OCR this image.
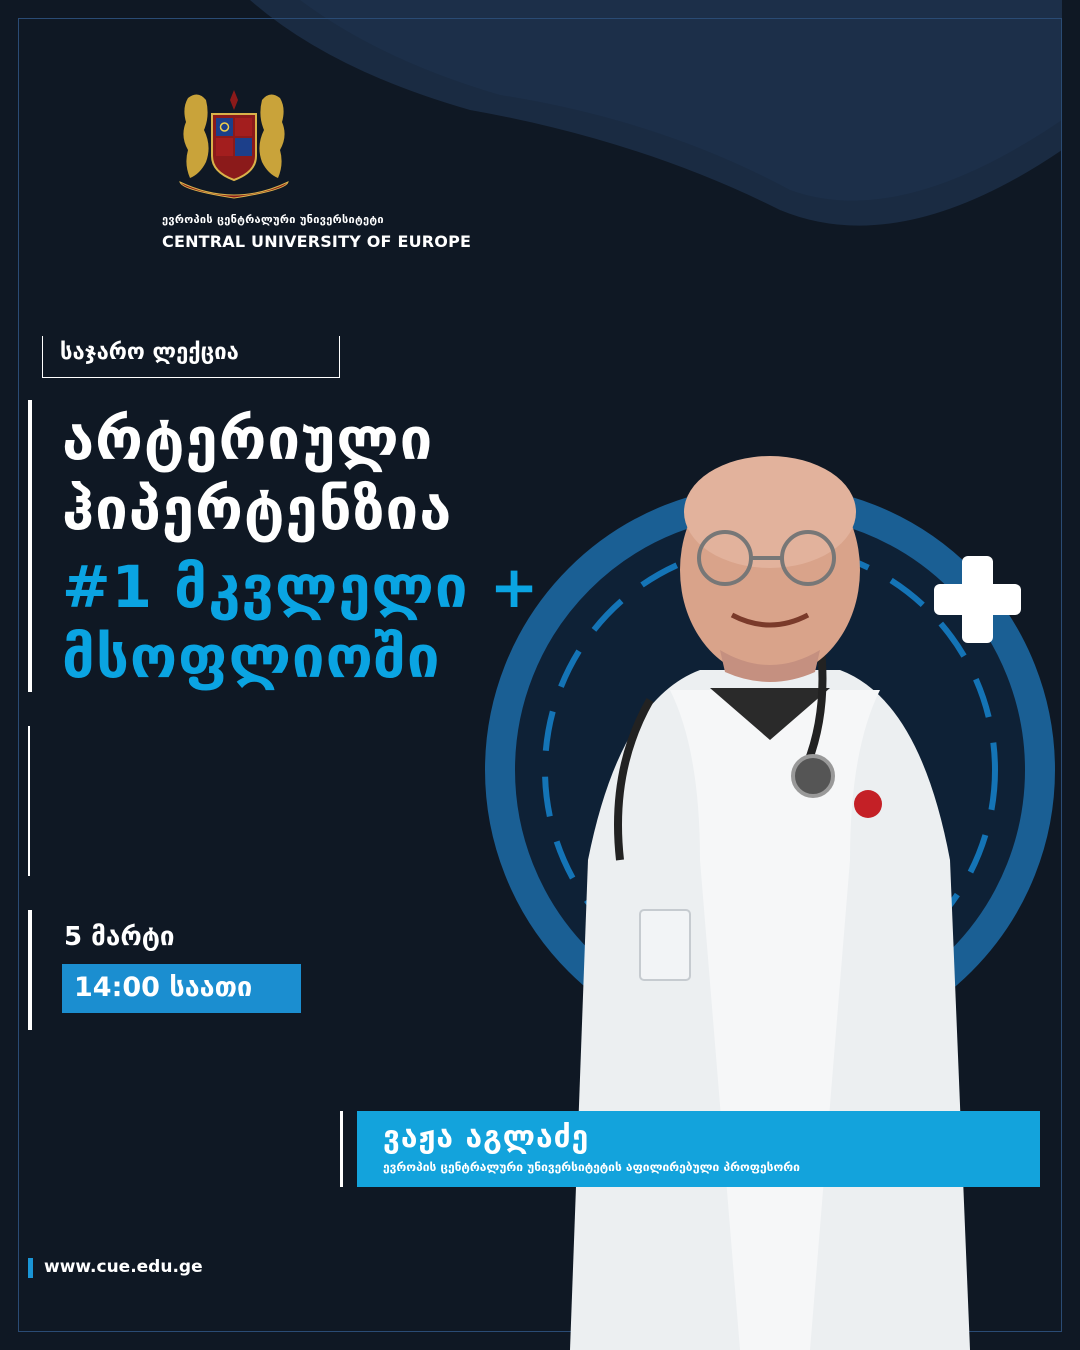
ევროპის ცენტრალური უნივერსიტეტი
CENTRAL UNIVERSITY OF EUROPE
საჯარო ლექცია
არტერიული
ჰიპერტენზია
#1 მკვლელი +
მსოფლიოში
5 მარტი
14:00 საათი
ვაჟა აგლაძე
ევროპის ცენტრალური უნივერსიტეტის აფილირებული პროფესორი
www.cue.edu.ge
